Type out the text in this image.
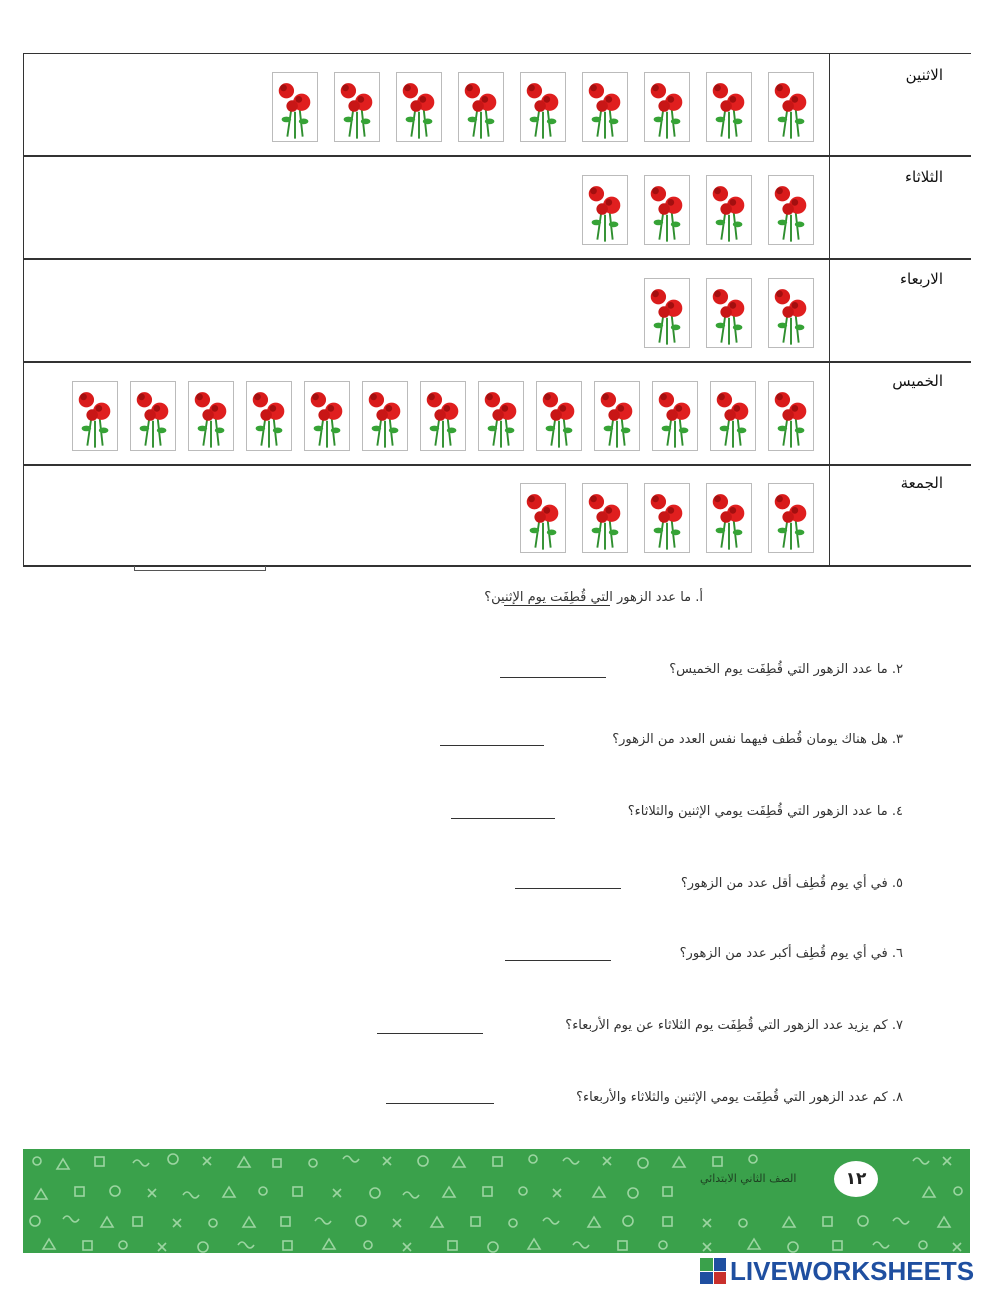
الاثنين
الثلاثاء
الاربعاء
الخميس
الجمعة
أ. ما عدد الزهور التي قُطِفَت يوم الإثنين؟
٢. ما عدد الزهور التي قُطِفَت يوم الخميس؟
٣. هل هناك يومان قُطف فيهما نفس العدد من الزهور؟
٤. ما عدد الزهور التي قُطِفَت يومي الإثنين والثلاثاء؟
٥. في أي يوم قُطِف أقل عدد من الزهور؟
٦. في أي يوم قُطِف أكبر عدد من الزهور؟
٧. كم يزيد عدد الزهور التي قُطِفَت يوم الثلاثاء عن يوم الأربعاء؟
٨. كم عدد الزهور التي قُطِفَت يومي الإثنين والثلاثاء والأربعاء؟
١٢
الصف الثاني الابتدائي
LIVEWORKSHEETS
